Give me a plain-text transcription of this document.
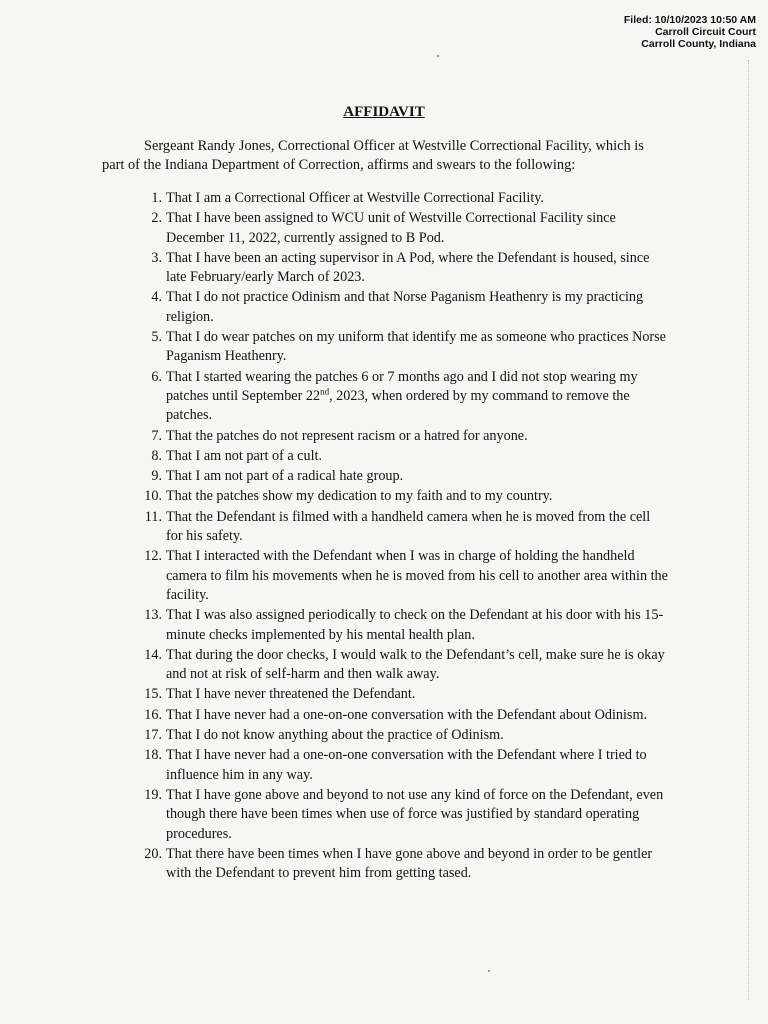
Filed: 10/10/2023 10:50 AM
Carroll Circuit Court
Carroll County, Indiana
AFFIDAVIT
Sergeant Randy Jones, Correctional Officer at Westville Correctional Facility, which is part of the Indiana Department of Correction, affirms and swears to the following:
1. That I am a Correctional Officer at Westville Correctional Facility.
2. That I have been assigned to WCU unit of Westville Correctional Facility since December 11, 2022, currently assigned to B Pod.
3. That I have been an acting supervisor in A Pod, where the Defendant is housed, since late February/early March of 2023.
4. That I do not practice Odinism and that Norse Paganism Heathenry is my practicing religion.
5. That I do wear patches on my uniform that identify me as someone who practices Norse Paganism Heathenry.
6. That I started wearing the patches 6 or 7 months ago and I did not stop wearing my patches until September 22nd, 2023, when ordered by my command to remove the patches.
7. That the patches do not represent racism or a hatred for anyone.
8. That I am not part of a cult.
9. That I am not part of a radical hate group.
10. That the patches show my dedication to my faith and to my country.
11. That the Defendant is filmed with a handheld camera when he is moved from the cell for his safety.
12. That I interacted with the Defendant when I was in charge of holding the handheld camera to film his movements when he is moved from his cell to another area within the facility.
13. That I was also assigned periodically to check on the Defendant at his door with his 15-minute checks implemented by his mental health plan.
14. That during the door checks, I would walk to the Defendant’s cell, make sure he is okay and not at risk of self-harm and then walk away.
15. That I have never threatened the Defendant.
16. That I have never had a one-on-one conversation with the Defendant about Odinism.
17. That I do not know anything about the practice of Odinism.
18. That I have never had a one-on-one conversation with the Defendant where I tried to influence him in any way.
19. That I have gone above and beyond to not use any kind of force on the Defendant, even though there have been times when use of force was justified by standard operating procedures.
20. That there have been times when I have gone above and beyond in order to be gentler with the Defendant to prevent him from getting tased.
